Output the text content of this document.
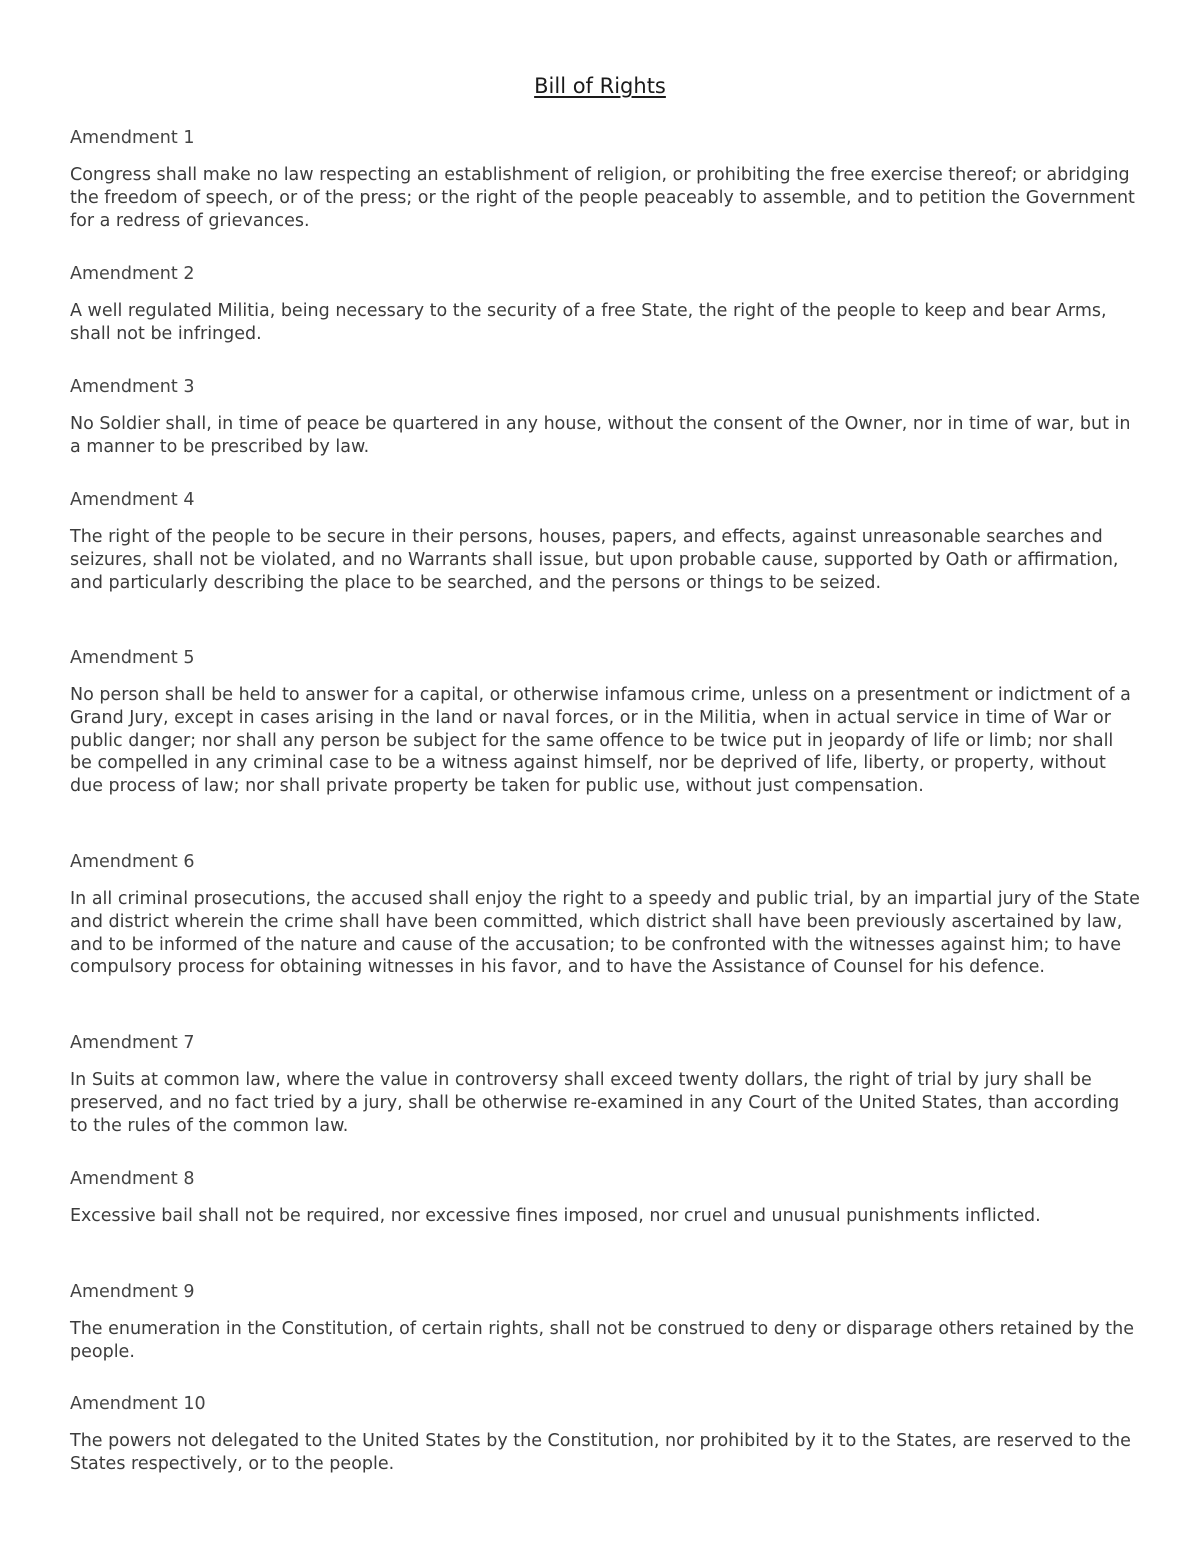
Bill of Rights
Amendment 1

Congress shall make no law respecting an establishment of religion, or prohibiting the free exercise thereof; or abridging the freedom of speech, or of the press; or the right of the people peaceably to assemble, and to petition the Government for a redress of grievances.

Amendment 2

A well regulated Militia, being necessary to the security of a free State, the right of the people to keep and bear Arms, shall not be infringed.

Amendment 3

No Soldier shall, in time of peace be quartered in any house, without the consent of the Owner, nor in time of war, but in a manner to be prescribed by law.

Amendment 4

The right of the people to be secure in their persons, houses, papers, and effects, against unreasonable searches and seizures, shall not be violated, and no Warrants shall issue, but upon probable cause, supported by Oath or affirmation, and particularly describing the place to be searched, and the persons or things to be seized.

Amendment 5

No person shall be held to answer for a capital, or otherwise infamous crime, unless on a presentment or indictment of a Grand Jury, except in cases arising in the land or naval forces, or in the Militia, when in actual service in time of War or public danger; nor shall any person be subject for the same offence to be twice put in jeopardy of life or limb; nor shall be compelled in any criminal case to be a witness against himself, nor be deprived of life, liberty, or property, without due process of law; nor shall private property be taken for public use, without just compensation.

Amendment 6

In all criminal prosecutions, the accused shall enjoy the right to a speedy and public trial, by an impartial jury of the State and district wherein the crime shall have been committed, which district shall have been previously ascertained by law, and to be informed of the nature and cause of the accusation; to be confronted with the witnesses against him; to have compulsory process for obtaining witnesses in his favor, and to have the Assistance of Counsel for his defence.

Amendment 7

In Suits at common law, where the value in controversy shall exceed twenty dollars, the right of trial by jury shall be preserved, and no fact tried by a jury, shall be otherwise re-examined in any Court of the United States, than according to the rules of the common law.

Amendment 8

Excessive bail shall not be required, nor excessive fines imposed, nor cruel and unusual punishments inflicted.

Amendment 9

The enumeration in the Constitution, of certain rights, shall not be construed to deny or disparage others retained by the people.

Amendment 10

The powers not delegated to the United States by the Constitution, nor prohibited by it to the States, are reserved to the States respectively, or to the people.
